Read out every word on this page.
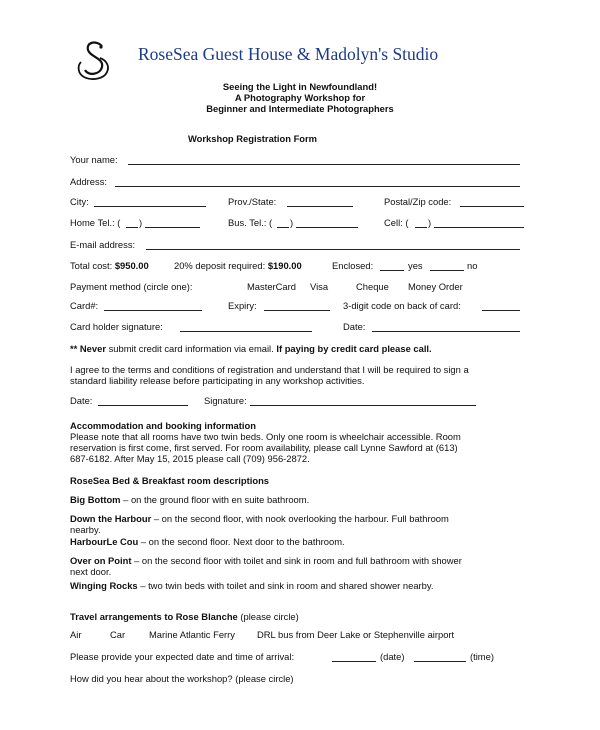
RoseSea Guest House & Madolyn's Studio
Seeing the Light in Newfoundland!
A Photography Workshop for
Beginner and Intermediate Photographers
Workshop Registration Form
Your name:
Address:
City:	Prov./State:	Postal/Zip code:
Home Tel.: ( )	Bus. Tel.: ( )	Cell: ( )
E-mail address:
Total cost: $950.00	20% deposit required: $190.00	Enclosed:	yes	no
Payment method (circle one):	MasterCard Visa	Cheque Money Order
Card#:	Expiry:	3-digit code on back of card:
Card holder signature:	Date:
** Never submit credit card information via email. If paying by credit card please call.
I agree to the terms and conditions of registration and understand that I will be required to sign a
standard liability release before participating in any workshop activities.
Date:	Signature:
Accommodation and booking information
Please note that all rooms have two twin beds. Only one room is wheelchair accessible. Room
reservation is first come, first served. For room availability, please call Lynne Sawford at (613)
687-6182. After May 15, 2015 please call (709) 956-2872.
RoseSea Bed & Breakfast room descriptions
Big Bottom – on the ground floor with en suite bathroom.
Down the Harbour – on the second floor, with nook overlooking the harbour. Full bathroom
nearby.
HarbourLe Cou – on the second floor. Next door to the bathroom.
Over on Point – on the second floor with toilet and sink in room and full bathroom with shower
next door.
Winging Rocks – two twin beds with toilet and sink in room and shared shower nearby.
Travel arrangements to Rose Blanche (please circle)
Air	Car	Marine Atlantic Ferry DRL bus from Deer Lake or Stephenville airport
Please provide your expected date and time of arrival:	(date)	(time)
How did you hear about the workshop? (please circle)
